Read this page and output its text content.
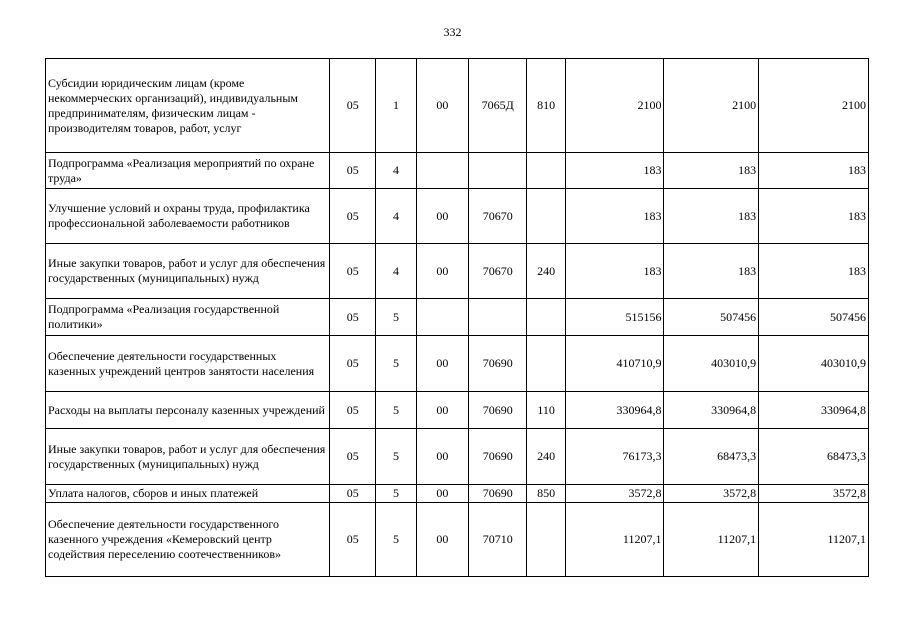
332
Субсидии юридическим лицам (кроме некоммерческих организаций), индивидуальным предпринимателям, физическим лицам - производителям товаров, работ, услуг	05	1	00	7065Д	810	2100	2100	2100
Подпрограмма «Реализация мероприятий по охране труда»	05	4				183	183	183
Улучшение условий и охраны труда, профилактика профессиональной заболеваемости работников	05	4	00	70670		183	183	183
Иные закупки товаров, работ и услуг для обеспечения государственных (муниципальных) нужд	05	4	00	70670	240	183	183	183
Подпрограмма «Реализация государственной политики»	05	5				515156	507456	507456
Обеспечение деятельности государственных казенных учреждений центров занятости населения	05	5	00	70690		410710,9	403010,9	403010,9
Расходы на выплаты персоналу казенных учреждений	05	5	00	70690	110	330964,8	330964,8	330964,8
Иные закупки товаров, работ и услуг для обеспечения государственных (муниципальных) нужд	05	5	00	70690	240	76173,3	68473,3	68473,3
Уплата налогов, сборов и иных платежей	05	5	00	70690	850	3572,8	3572,8	3572,8
Обеспечение деятельности государственного казенного учреждения «Кемеровский центр содействия переселению соотечественников»	05	5	00	70710		11207,1	11207,1	11207,1
